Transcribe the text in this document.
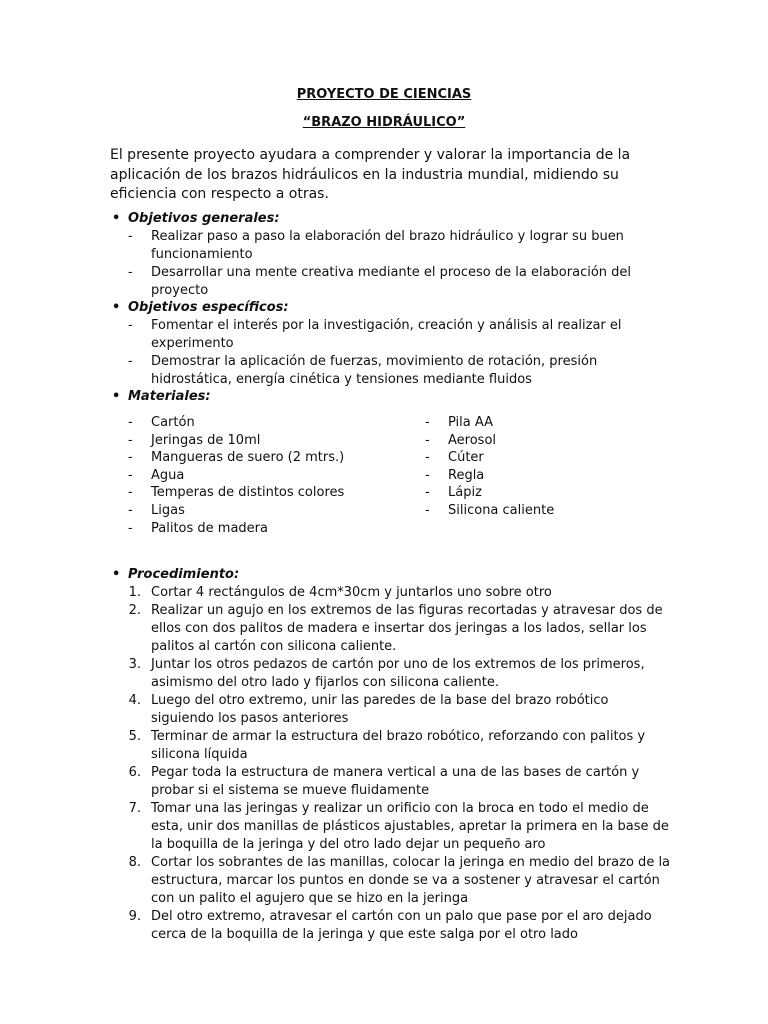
PROYECTO DE CIENCIAS
“BRAZO HIDRÁULICO”
El presente proyecto ayudara a comprender y valorar la importancia de la aplicación de los brazos hidráulicos en la industria mundial, midiendo su eficiencia con respecto a otras.
• Objetivos generales:
- Realizar paso a paso la elaboración del brazo hidráulico y lograr su buen funcionamiento
- Desarrollar una mente creativa mediante el proceso de la elaboración del proyecto
• Objetivos específicos:
- Fomentar el interés por la investigación, creación y análisis al realizar el experimento
- Demostrar la aplicación de fuerzas, movimiento de rotación, presión hidrostática, energía cinética y tensiones mediante fluidos
• Materiales:
- Cartón
- Jeringas de 10ml
- Mangueras de suero (2 mtrs.)
- Agua
- Temperas de distintos colores
- Ligas
- Palitos de madera
- Pila AA
- Aerosol
- Cúter
- Regla
- Lápiz
- Silicona caliente
• Procedimiento:
1. Cortar 4 rectángulos de 4cm*30cm y juntarlos uno sobre otro
2. Realizar un agujo en los extremos de las figuras recortadas y atravesar dos de ellos con dos palitos de madera e insertar dos jeringas a los lados, sellar los palitos al cartón con silicona caliente.
3. Juntar los otros pedazos de cartón por uno de los extremos de los primeros, asimismo del otro lado y fijarlos con silicona caliente.
4. Luego del otro extremo, unir las paredes de la base del brazo robótico siguiendo los pasos anteriores
5. Terminar de armar la estructura del brazo robótico, reforzando con palitos y silicona líquida
6. Pegar toda la estructura de manera vertical a una de las bases de cartón y probar si el sistema se mueve fluidamente
7. Tomar una las jeringas y realizar un orificio con la broca en todo el medio de esta, unir dos manillas de plásticos ajustables, apretar la primera en la base de la boquilla de la jeringa y del otro lado dejar un pequeño aro
8. Cortar los sobrantes de las manillas, colocar la jeringa en medio del brazo de la estructura, marcar los puntos en donde se va a sostener y atravesar el cartón con un palito el agujero que se hizo en la jeringa
9. Del otro extremo, atravesar el cartón con un palo que pase por el aro dejado cerca de la boquilla de la jeringa y que este salga por el otro lado
